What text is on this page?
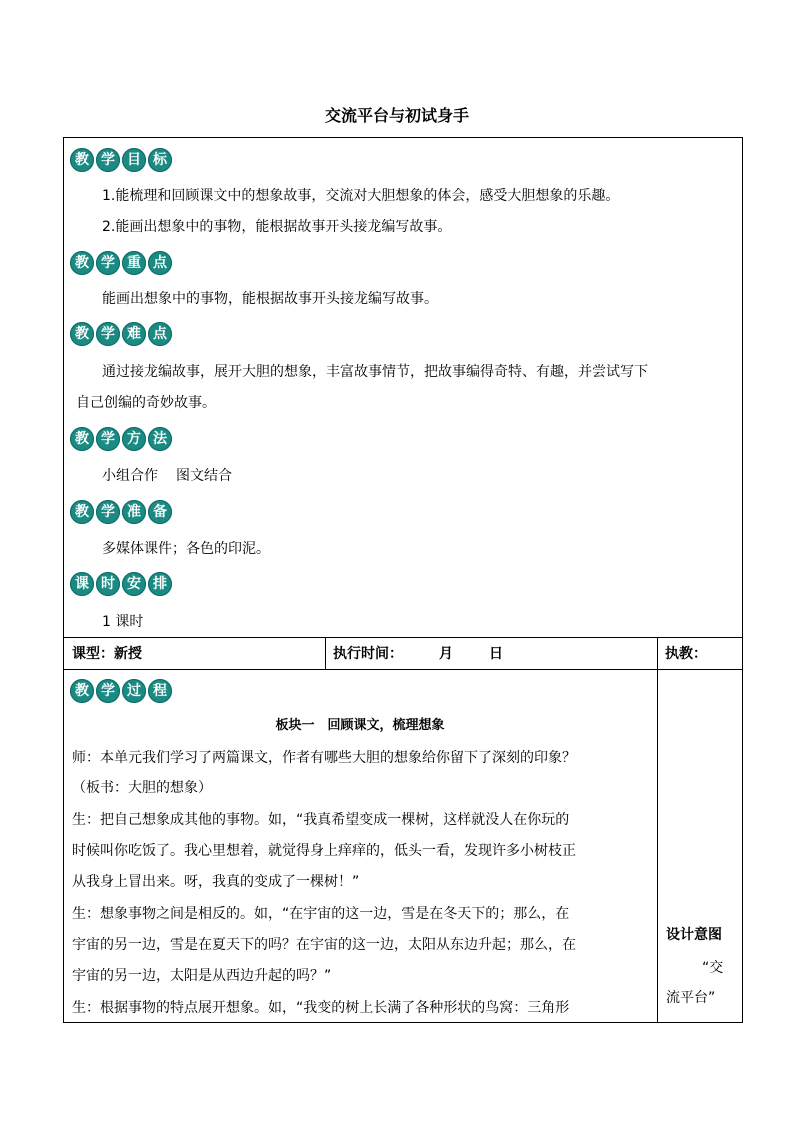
交流平台与初试身手
教 学 目 标
1.能梳理和回顾课文中的想象故事，交流对大胆想象的体会，感受大胆想象的乐趣。
2.能画出想象中的事物，能根据故事开头接龙编写故事。
教 学 重 点
能画出想象中的事物，能根据故事开头接龙编写故事。
教 学 难 点
通过接龙编故事，展开大胆的想象，丰富故事情节，把故事编得奇特、有趣，并尝试写下
自己创编的奇妙故事。
教 学 方 法
小组合作 图文结合
教 学 准 备
多媒体课件；各色的印泥。
课 时 安 排
1 课时
课型：新授	执行时间：	月	日	执教：
教 学 过 程
板块一　回顾课文，梳理想象
师：本单元我们学习了两篇课文，作者有哪些大胆的想象给你留下了深刻的印象？
（板书：大胆的想象）
生：把自己想象成其他的事物。如，“我真希望变成一棵树，这样就没人在你玩的
时候叫你吃饭了。我心里想着，就觉得身上痒痒的，低头一看，发现许多小树枝正
从我身上冒出来。呀，我真的变成了一棵树！”
生：想象事物之间是相反的。如，“在宇宙的这一边，雪是在冬天下的；那么，在
宇宙的另一边，雪是在夏天下的吗？在宇宙的这一边，太阳从东边升起；那么，在
宇宙的另一边，太阳是从西边升起的吗？”
生：根据事物的特点展开想象。如，“我变的树上长满了各种形状的鸟窝：三角形
设计意图
“交
流平台”
